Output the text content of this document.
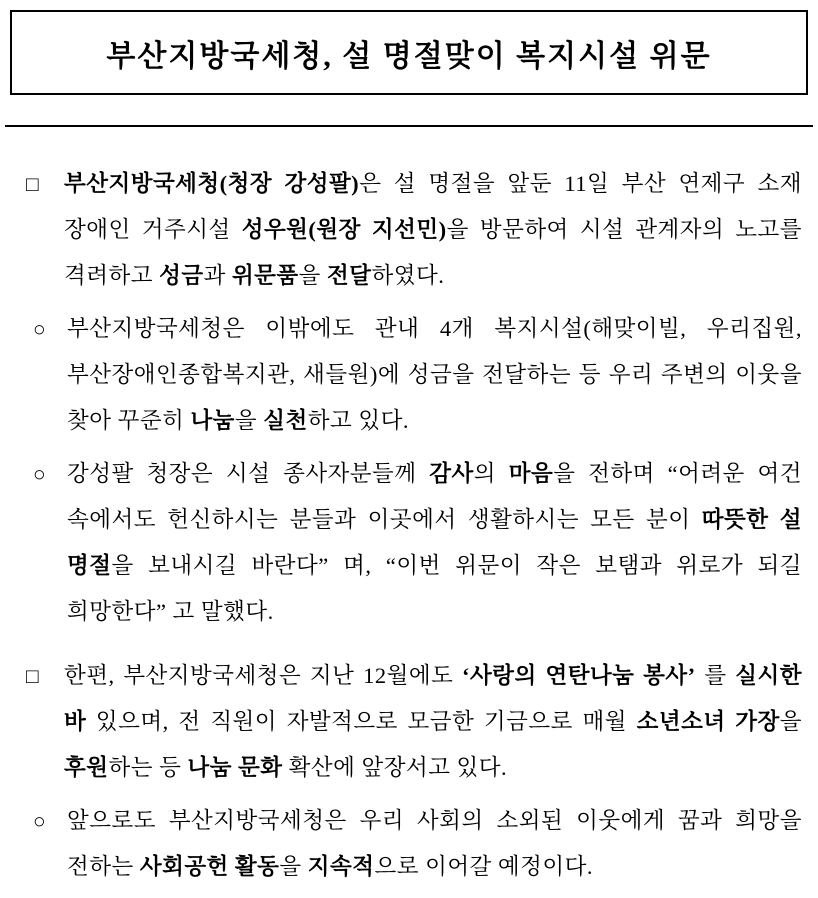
부산지방국세청, 설 명절맞이 복지시설 위문
□	부산지방국세청(청장 강성팔)은 설 명절을 앞둔 11일 부산 연제구 소재 장애인 거주시설 성우원(원장 지선민)을 방문하여 시설 관계자의 노고를 격려하고 성금과 위문품을 전달하였다.
○ 부산지방국세청은 이밖에도 관내 4개 복지시설(해맞이빌, 우리집원, 부산장애인종합복지관, 새들원)에 성금을 전달하는 등 우리 주변의 이웃을 찾아 꾸준히 나눔을 실천하고 있다.
○ 강성팔 청장은 시설 종사자분들께 감사의 마음을 전하며 “어려운 여건 속에서도 헌신하시는 분들과 이곳에서 생활하시는 모든 분이 따뜻한 설 명절을 보내시길 바란다” 며, “이번 위문이 작은 보탬과 위로가 되길 희망한다” 고 말했다.
□	한편, 부산지방국세청은 지난 12월에도 ‘사랑의 연탄나눔 봉사’ 를 실시한 바 있으며, 전 직원이 자발적으로 모금한 기금으로 매월 소년소녀 가장을 후원하는 등 나눔 문화 확산에 앞장서고 있다.
○ 앞으로도 부산지방국세청은 우리 사회의 소외된 이웃에게 꿈과 희망을 전하는 사회공헌 활동을 지속적으로 이어갈 예정이다.
